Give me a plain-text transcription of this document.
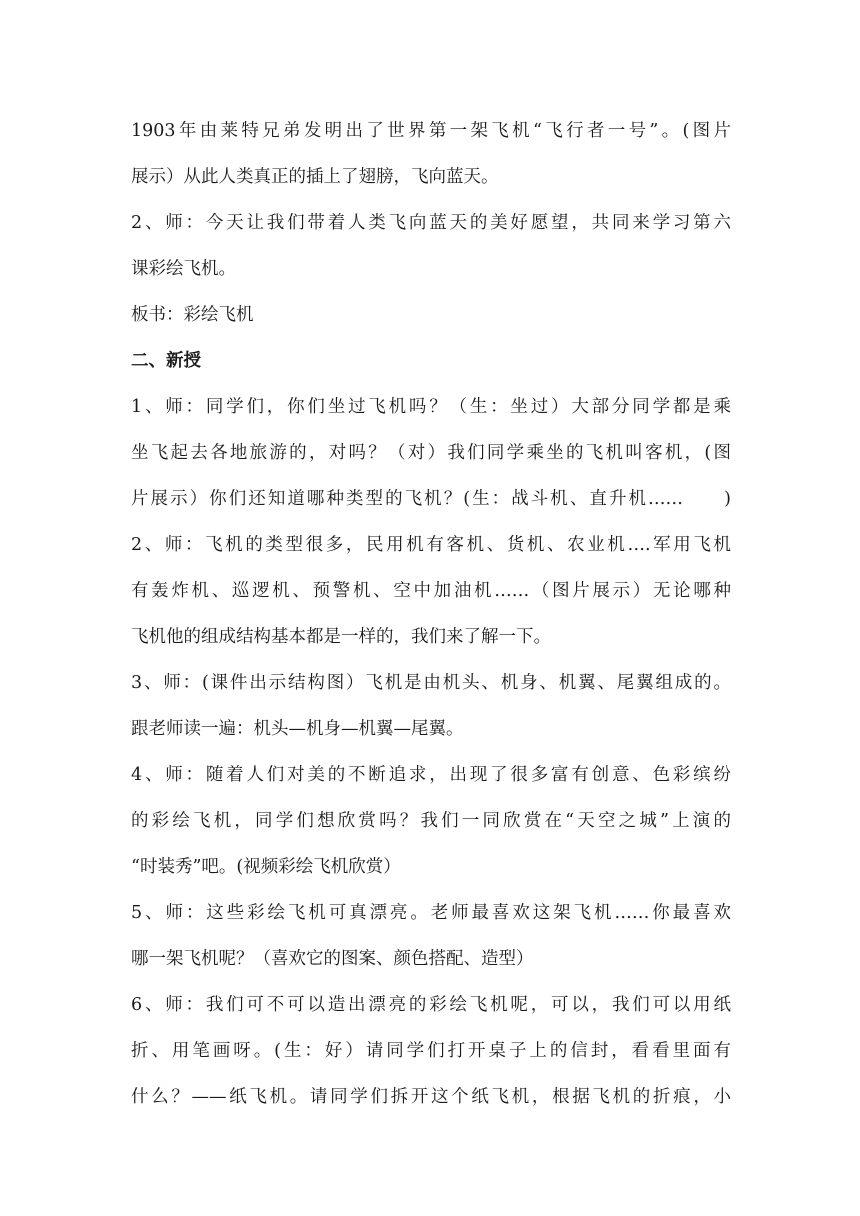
1903年由莱特兄弟发明出了世界第一架飞机“飞行者一号”。(图片
展示）从此人类真正的插上了翅膀，飞向蓝天。
2、师：今天让我们带着人类飞向蓝天的美好愿望，共同来学习第六
课彩绘飞机。
板书：彩绘飞机
二、新授
1、师：同学们，你们坐过飞机吗？（生：坐过）大部分同学都是乘
坐飞起去各地旅游的，对吗？（对）我们同学乘坐的飞机叫客机，(图
片展示）你们还知道哪种类型的飞机？(生：战斗机、直升机……　　)
2、师：飞机的类型很多，民用机有客机、货机、农业机….军用飞机
有轰炸机、巡逻机、预警机、空中加油机……（图片展示）无论哪种
飞机他的组成结构基本都是一样的，我们来了解一下。
3、师：(课件出示结构图）飞机是由机头、机身、机翼、尾翼组成的。
跟老师读一遍：机头—机身—机翼—尾翼。
4、师：随着人们对美的不断追求，出现了很多富有创意、色彩缤纷
的彩绘飞机，同学们想欣赏吗？我们一同欣赏在“天空之城”上演的
“时装秀”吧。(视频彩绘飞机欣赏）
5、师：这些彩绘飞机可真漂亮。老师最喜欢这架飞机……你最喜欢
哪一架飞机呢？（喜欢它的图案、颜色搭配、造型）
6、师：我们可不可以造出漂亮的彩绘飞机呢，可以，我们可以用纸
折、用笔画呀。(生：好）请同学们打开桌子上的信封，看看里面有
什么？——纸飞机。请同学们拆开这个纸飞机，根据飞机的折痕，小
